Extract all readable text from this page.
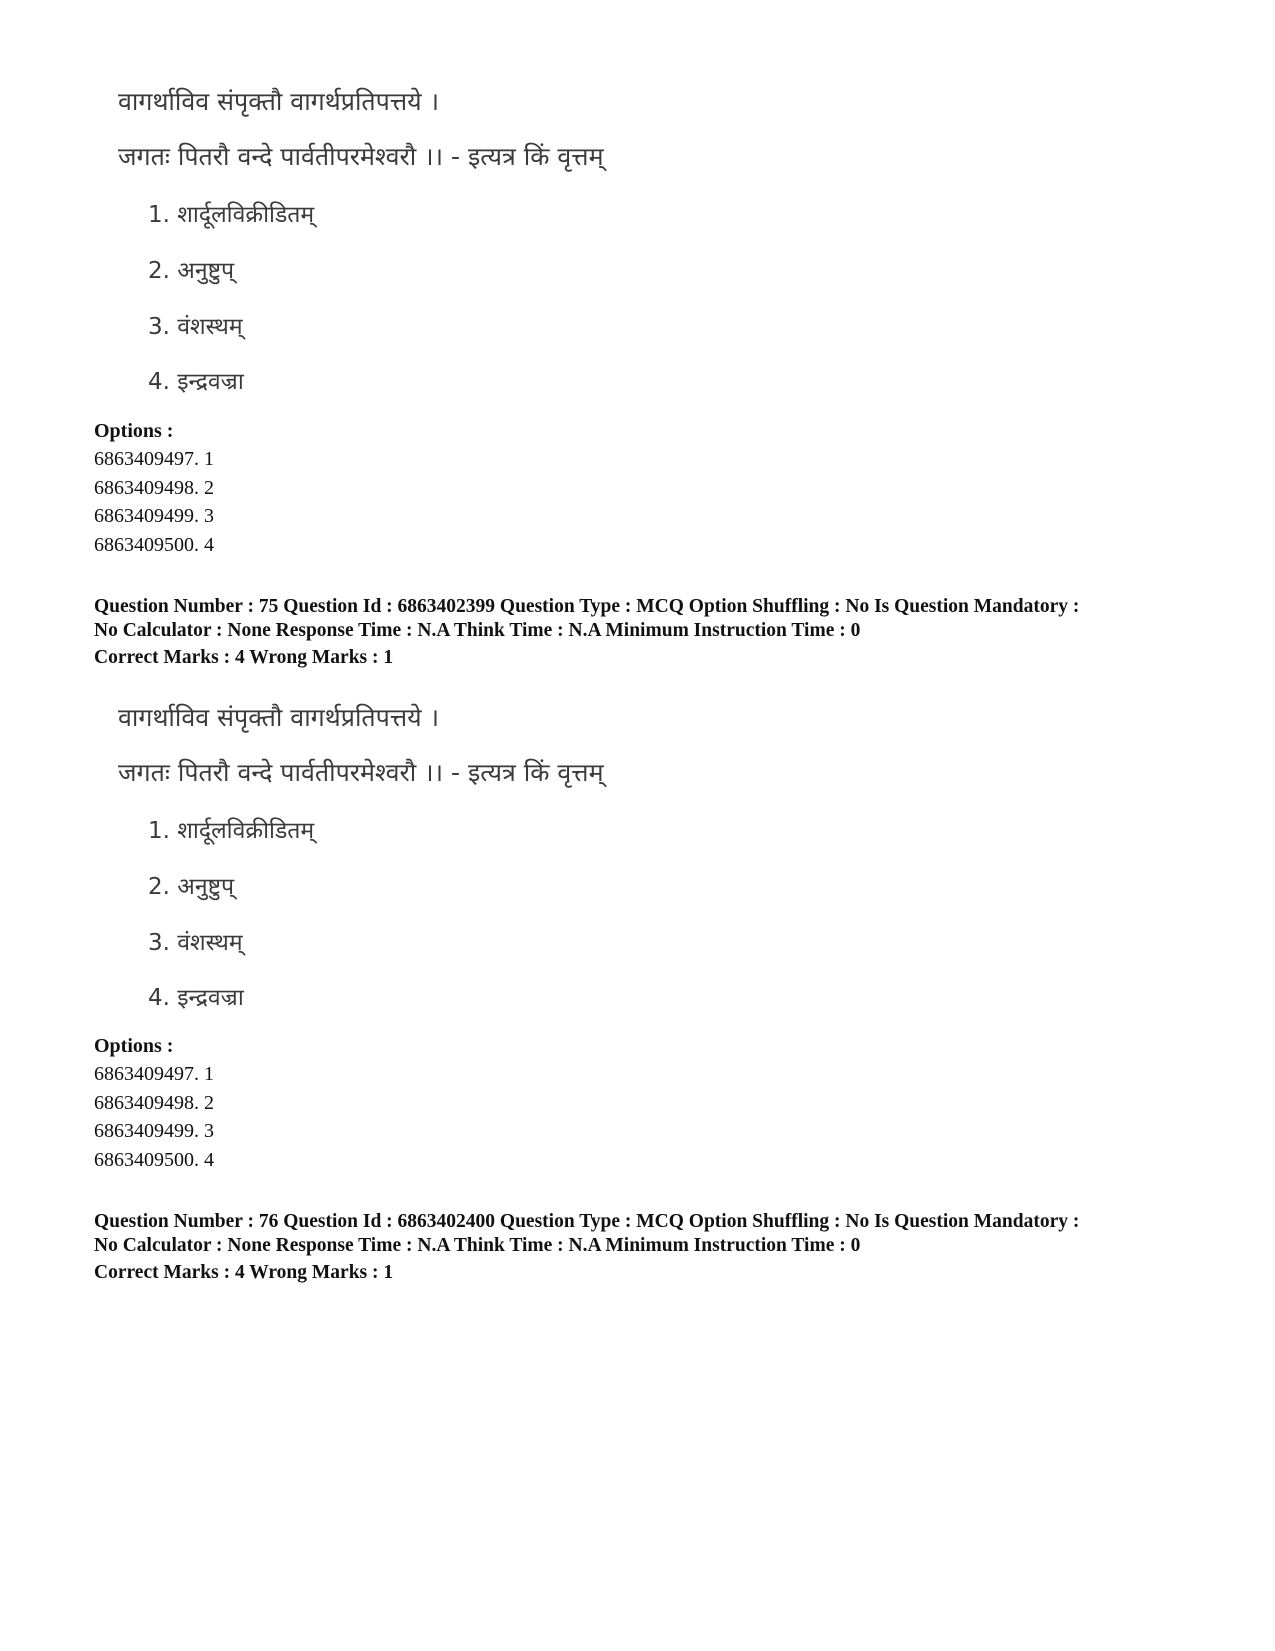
वागर्थाविव संपृक्तौ वागर्थप्रतिपत्तये ।
जगतः पितरौ वन्दे पार्वतीपरमेश्वरौ ।। - इत्यत्र किं वृत्तम्
1. शार्दूलविक्रीडितम्
2. अनुष्टुप्
3. वंशस्थम्
4. इन्द्रवज्रा
Options :
6863409497. 1
6863409498. 2
6863409499. 3
6863409500. 4
Question Number : 75 Question Id : 6863402399 Question Type : MCQ Option Shuffling : No Is Question Mandatory :
No Calculator : None Response Time : N.A Think Time : N.A Minimum Instruction Time : 0
Correct Marks : 4 Wrong Marks : 1
वागर्थाविव संपृक्तौ वागर्थप्रतिपत्तये ।
जगतः पितरौ वन्दे पार्वतीपरमेश्वरौ ।। - इत्यत्र किं वृत्तम्
1. शार्दूलविक्रीडितम्
2. अनुष्टुप्
3. वंशस्थम्
4. इन्द्रवज्रा
Options :
6863409497. 1
6863409498. 2
6863409499. 3
6863409500. 4
Question Number : 76 Question Id : 6863402400 Question Type : MCQ Option Shuffling : No Is Question Mandatory :
No Calculator : None Response Time : N.A Think Time : N.A Minimum Instruction Time : 0
Correct Marks : 4 Wrong Marks : 1
